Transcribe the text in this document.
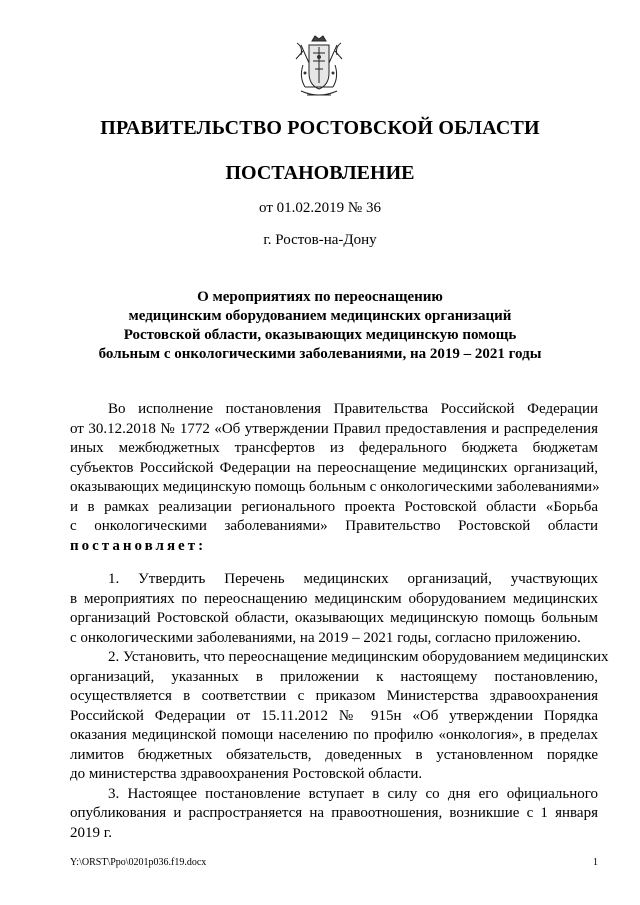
ПРАВИТЕЛЬСТВО РОСТОВСКОЙ ОБЛАСТИ
ПОСТАНОВЛЕНИЕ
от 01.02.2019 № 36
г. Ростов-на-Дону
О мероприятиях по переоснащению
медицинским оборудованием медицинских организаций
Ростовской области, оказывающих медицинскую помощь
больным с онкологическими заболеваниями, на 2019 – 2021 годы
Во исполнение постановления Правительства Российской Федерации
от 30.12.2018 № 1772 «Об утверждении Правил предоставления и распределения
иных межбюджетных трансфертов из федерального бюджета бюджетам
субъектов Российской Федерации на переоснащение медицинских организаций,
оказывающих медицинскую помощь больным с онкологическими заболеваниями»
и в рамках реализации регионального проекта Ростовской области «Борьба
с онкологическими заболеваниями» Правительство Ростовской области
постановляет:
1. Утвердить Перечень медицинских организаций, участвующих
в мероприятиях по переоснащению медицинским оборудованием медицинских
организаций Ростовской области, оказывающих медицинскую помощь больным
с онкологическими заболеваниями, на 2019 – 2021 годы, согласно приложению.
2. Установить, что переоснащение медицинским оборудованием медицинских
организаций, указанных в приложении к настоящему постановлению,
осуществляется в соответствии с приказом Министерства здравоохранения
Российской Федерации от 15.11.2012 № 915н «Об утверждении Порядка
оказания медицинской помощи населению по профилю «онкология», в пределах
лимитов бюджетных обязательств, доведенных в установленном порядке
до министерства здравоохранения Ростовской области.
3. Настоящее постановление вступает в силу со дня его официального
опубликования и распространяется на правоотношения, возникшие с 1 января
2019 г.
Y:\ORST\Ppo\0201p036.f19.docx	1
